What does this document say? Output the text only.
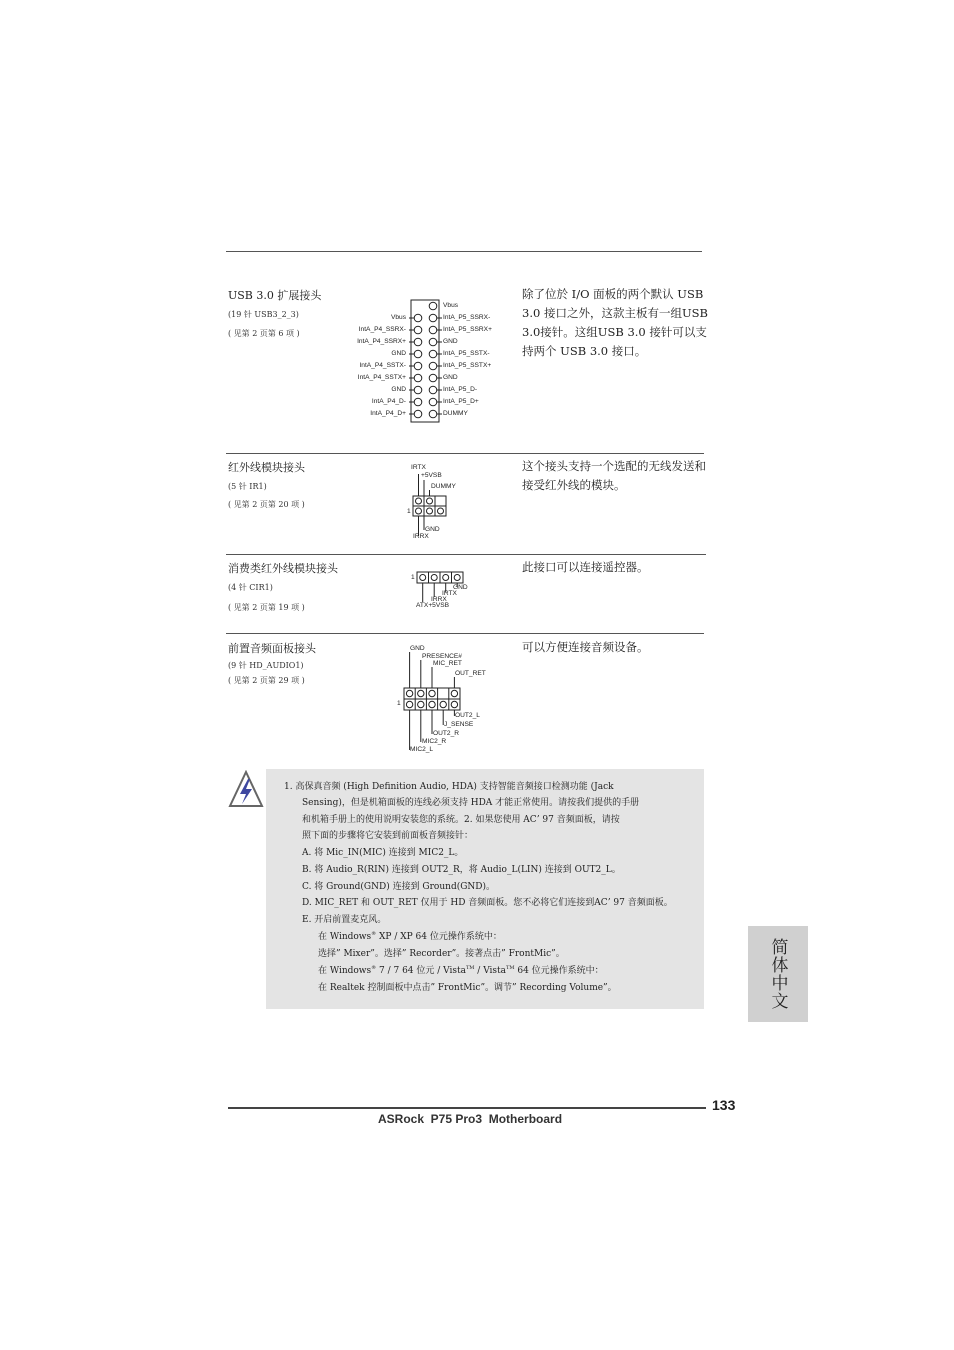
USB 3.0 扩展接头
(19 针 USB3_2_3)
( 见第 2 页第 6 项 )
除了位於 I/O 面板的两个默认 USB 3.0 接口之外，这款主板有一组USB 3.0接针。这组USB 3.0 接针可以支持两个 USB 3.0 接口。
Vbus
IntA_P5_SSRX-
IntA_P5_SSRX+
GND
IntA_P5_SSTX-
IntA_P5_SSTX+
GND
IntA_P5_D-
IntA_P5_D+
DUMMY
Vbus
IntA_P4_SSRX-
IntA_P4_SSRX+
GND
IntA_P4_SSTX-
IntA_P4_SSTX+
GND
IntA_P4_D-
IntA_P4_D+
红外线模块接头
(5 针 IR1)
( 见第 2 页第 20 项 )
这个接头支持一个选配的无线发送和接受红外线的模块。
IRTX
+5VSB
DUMMY
1
GND
IRRX
消费类红外线模块接头
(4 针 CIR1)
( 见第 2 页第 19 项 )
此接口可以连接遥控器。
1
GND
IRTX
IRRX
ATX+5VSB
前置音频面板接头
(9 针 HD_AUDIO1)
( 见第 2 页第 29 项 )
可以方便连接音频设备。
GND
PRESENCE#
MIC_RET
OUT_RET
1
OUT2_L
J_SENSE
OUT2_R
MIC2_R
MIC2_L
1. 高保真音频 (High Definition Audio, HDA) 支持智能音频接口检测功能 (Jack
Sensing)，但是机箱面板的连线必须支持 HDA 才能正常使用。请按我们提供的手册
和机箱手册上的使用说明安装您的系统。2. 如果您使用 AC’ 97 音频面板，请按
照下面的步骤将它安装到前面板音频接针：
A. 将 Mic_IN(MIC) 连接到 MIC2_L。
B. 将 Audio_R(RIN) 连接到 OUT2_R，将 Audio_L(LIN) 连接到 OUT2_L。
C. 将 Ground(GND) 连接到 Ground(GND)。
D. MIC_RET 和 OUT_RET 仅用于 HD 音频面板。您不必将它们连接到AC’ 97 音频面板。
E. 开启前置麦克风。
在 Windows® XP / XP 64 位元操作系统中：
选择” Mixer”。选择” Recorder”。接著点击” FrontMic”。
在 Windows® 7 / 7 64 位元 / Vista™ / Vista™ 64 位元操作系统中：
在 Realtek 控制面板中点击” FrontMic”。调节” Recording Volume”。	简体中文
133
ASRock  P75 Pro3  Motherboard
